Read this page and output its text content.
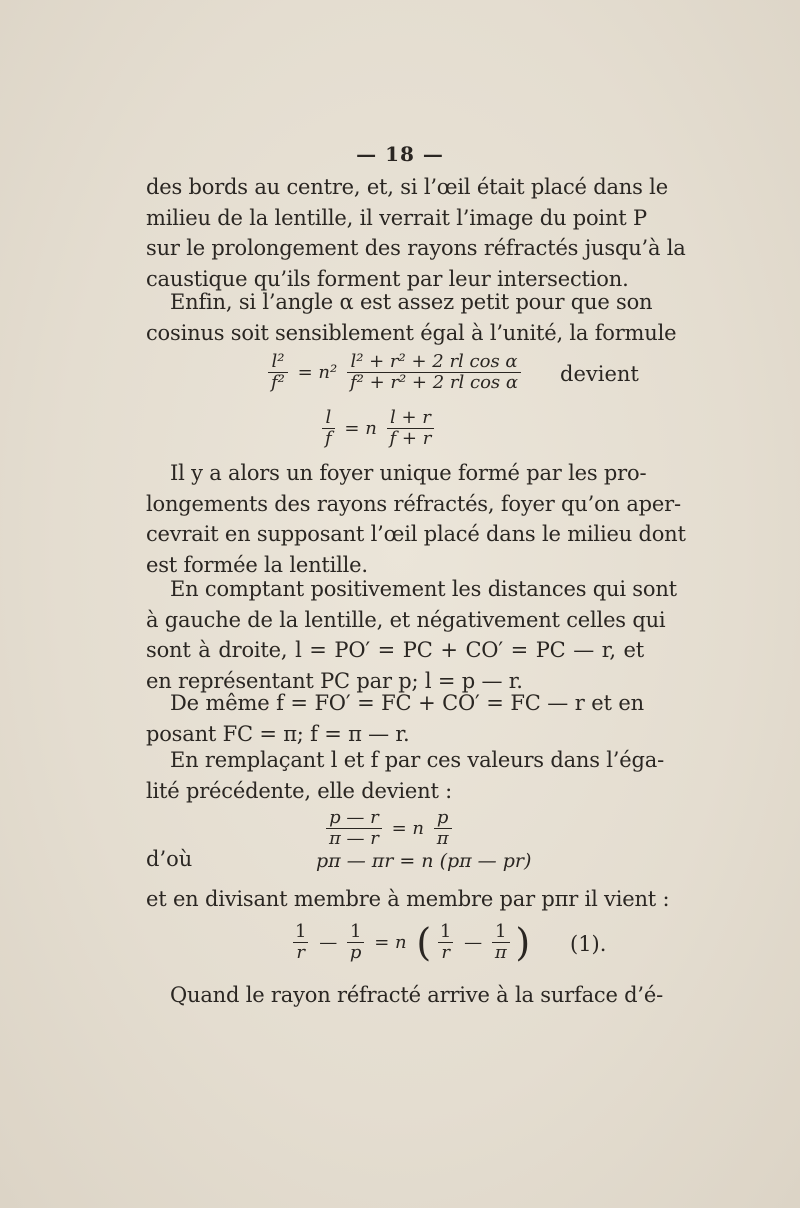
— 18 —
des bords au centre, et, si l’œil était placé dans le
milieu de la lentille, il verrait l’image du point P
sur le prolongement des rayons réfractés jusqu’à la
caustique qu’ils forment par leur intersection.
Enfin, si l’angle α est assez petit pour que son
cosinus soit sensiblement égal à l’unité, la formule
$\frac{\text{l²}}{\text{f²}} = n^2 \frac{\text{l² + r² + 2 rl cos α}}{\text{f² + r² + 2 rl cos α}}$ devient
$\frac{l}{f} = n \frac{l + r}{f + r}$
Il y a alors un foyer unique formé par les pro-
longements des rayons réfractés, foyer qu’on aper-
cevrait en supposant l’œil placé dans le milieu dont
est formée la lentille.
En comptant positivement les distances qui sont
à gauche de la lentille, et négativement celles qui
sont à droite, l = PO′ = PC + CO′ = PC — r, et
en représentant PC par p; l = p — r.
De même f = FO′ = FC + CO′ = FC — r et en
posant FC = π; f = π — r.
En remplaçant l et f par ces valeurs dans l’éga-
lité précédente, elle devient :
$\frac{p — r}{\pi — r} = n \frac{p}{\pi}$
d’où	pπ — πr = n (pπ — pr)
et en divisant membre à membre par pπr il vient :
$\frac{1}{r}$ — $\frac{1}{p} = n$ ( $\frac{1}{r}$ — $\frac{1}{\pi}$ ) (1).
Quand le rayon réfracté arrive à la surface d’é-
